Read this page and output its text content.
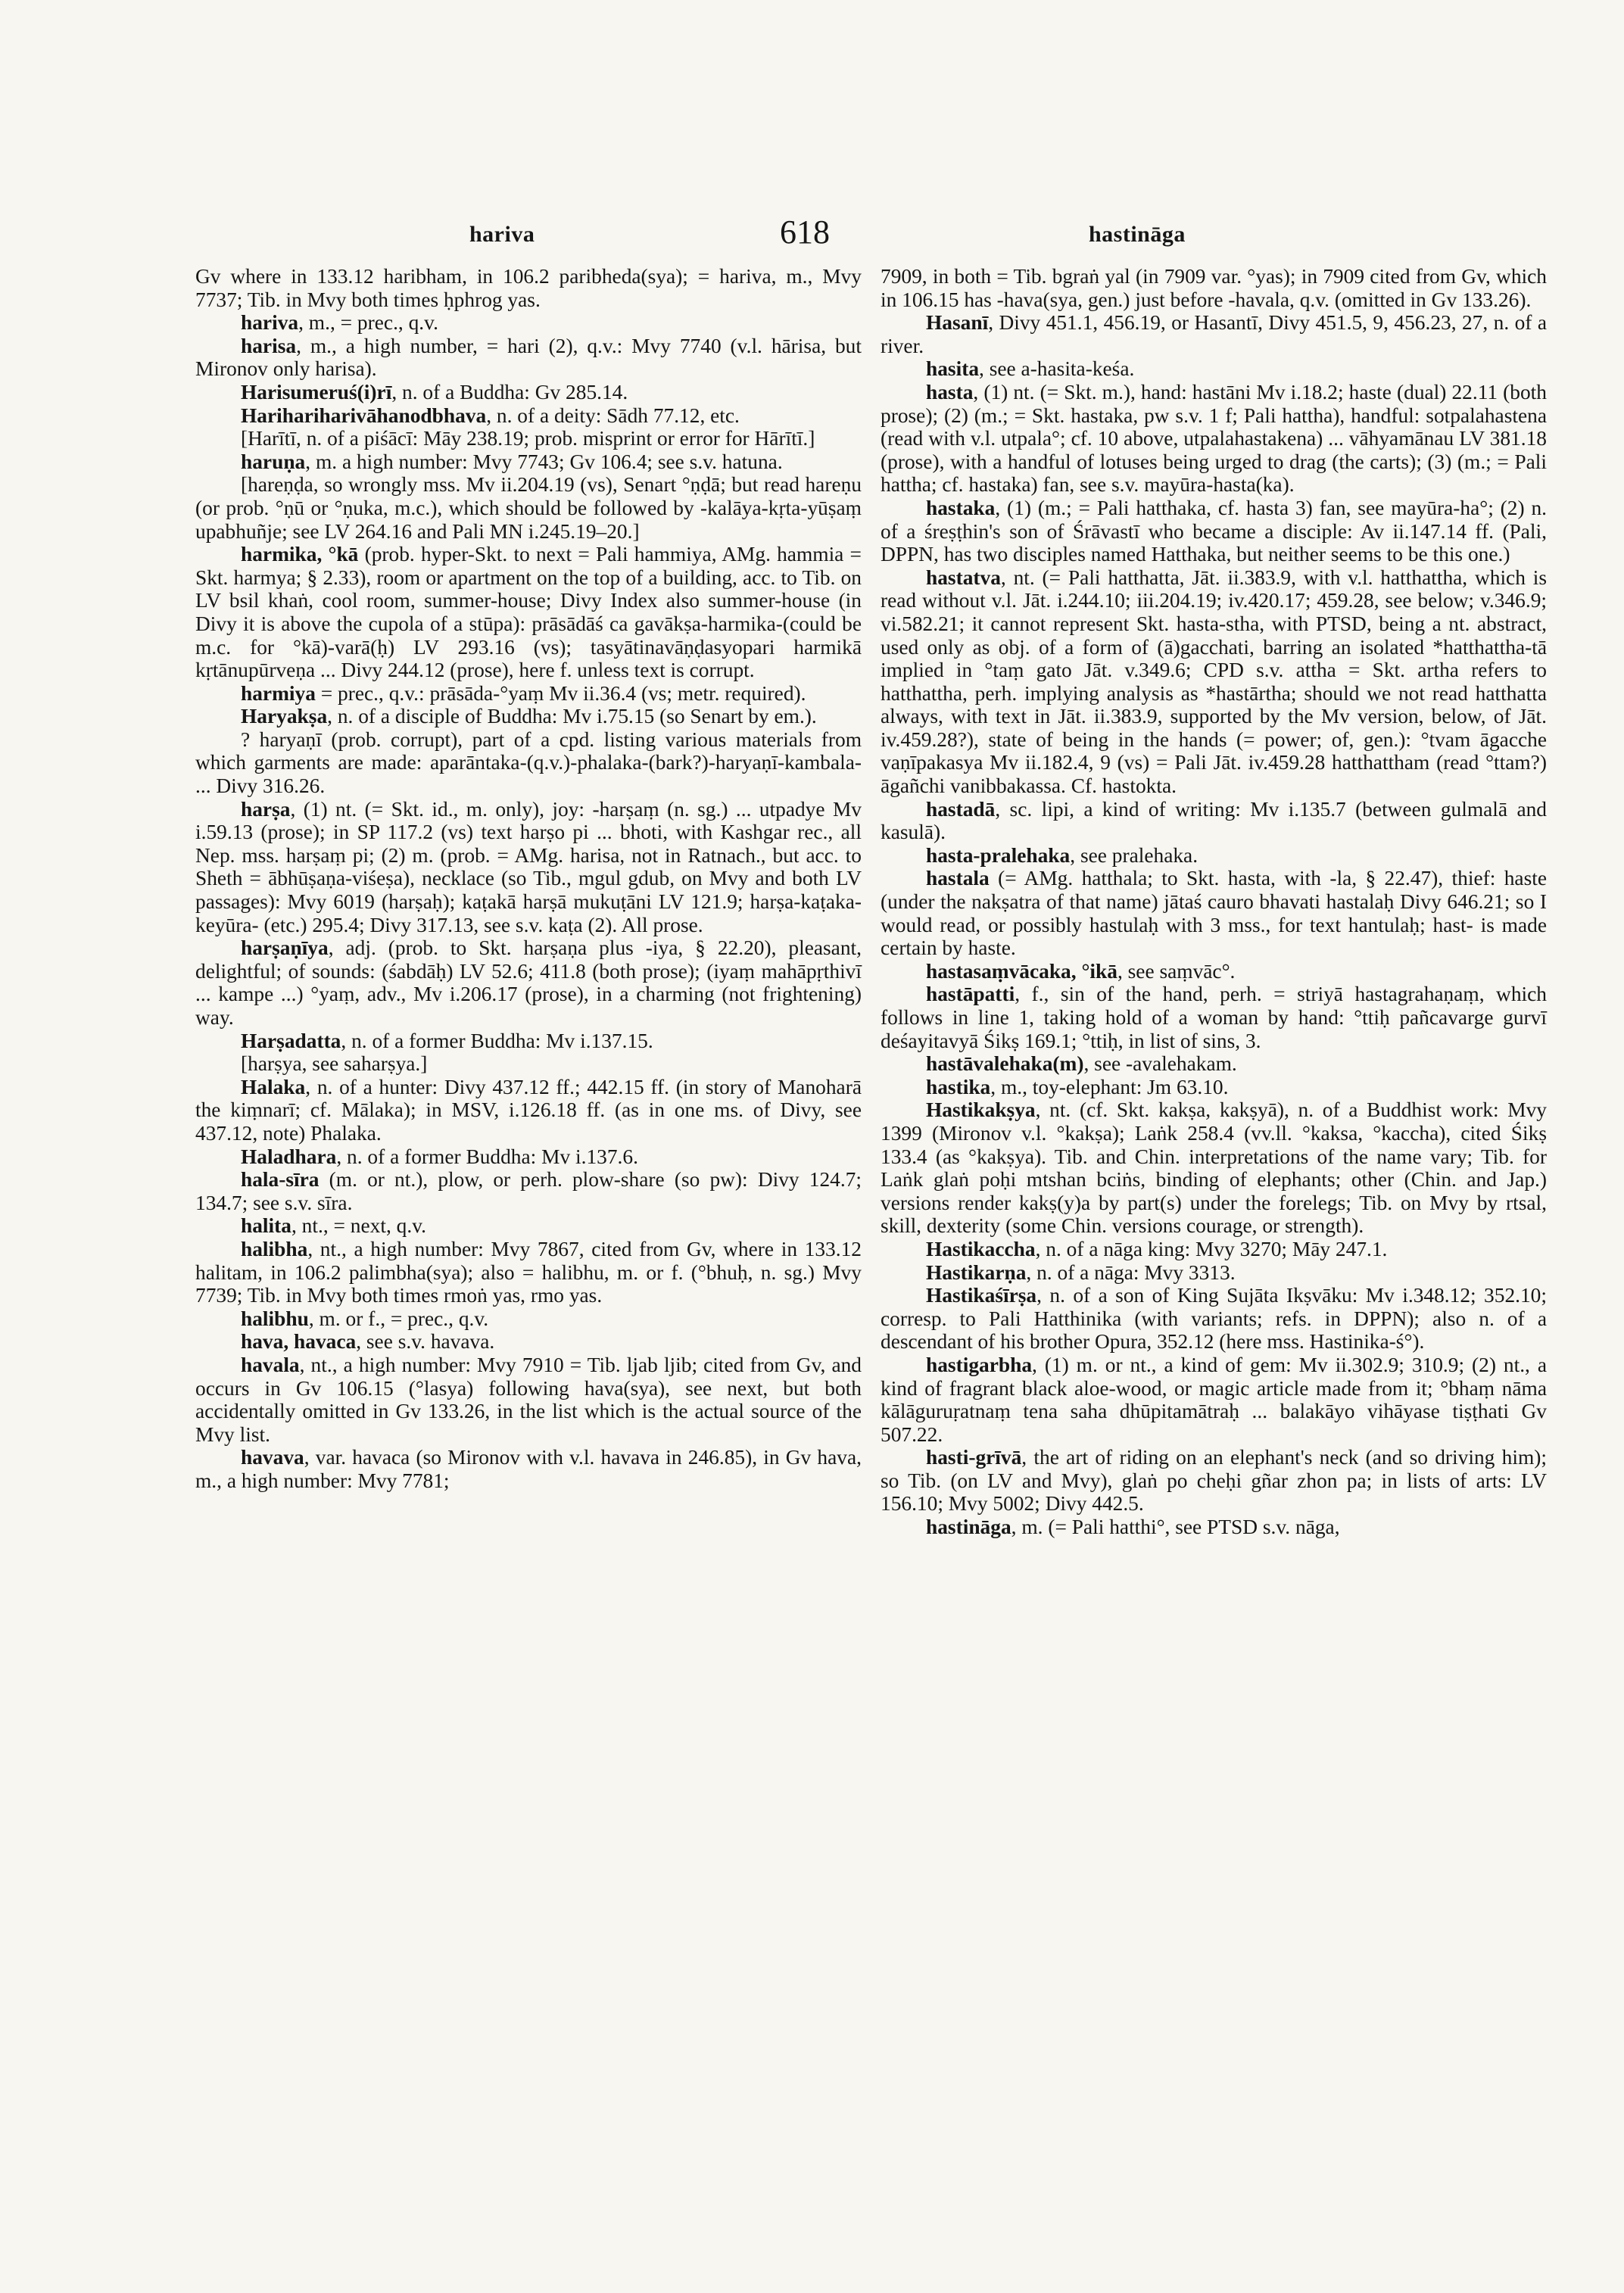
hariva	618	hastināga

Gv where in 133.12 haribham, in 106.2 paribheda(sya); = hariva, m., Mvy 7737; Tib. in Mvy both times ḥphrog yas.

hariva, m., = prec., q.v.

harisa, m., a high number, = hari (2), q.v.: Mvy 7740 (v.l. hārisa, but Mironov only harisa).

Harisumeruś(i)rī, n. of a Buddha: Gv 285.14.

Harihariharivāhanodbhava, n. of a deity: Sādh 77.12, etc.

[Harītī, n. of a piśācī: Māy 238.19; prob. misprint or error for Hārītī.]

haruṇa, m. a high number: Mvy 7743; Gv 106.4; see s.v. hatuna.

[hareṇḍa, so wrongly mss. Mv ii.204.19 (vs), Senart °ṇḍā; but read hareṇu (or prob. °ṇū or °ṇuka, m.c.), which should be followed by -kalāya-kṛta-yūṣaṃ upabhuñje; see LV 264.16 and Pali MN i.245.19–20.]

harmika, °kā (prob. hyper-Skt. to next = Pali hammiya, AMg. hammia = Skt. harmya; § 2.33), room or apartment on the top of a building, acc. to Tib. on LV bsil khaṅ, cool room, summer-house; Divy Index also summer-house (in Divy it is above the cupola of a stūpa): prāsādāś ca gavākṣa-harmika-(could be m.c. for °kā)-varā(ḥ) LV 293.16 (vs); tasyātinavāṇḍasyopari harmikā kṛtānupūrveṇa ... Divy 244.12 (prose), here f. unless text is corrupt.

harmiya = prec., q.v.: prāsāda-°yaṃ Mv ii.36.4 (vs; metr. required).

Haryakṣa, n. of a disciple of Buddha: Mv i.75.15 (so Senart by em.).

? haryaṇī (prob. corrupt), part of a cpd. listing various materials from which garments are made: aparāntaka-(q.v.)-phalaka-(bark?)-haryaṇī-kambala- ... Divy 316.26.

harṣa, (1) nt. (= Skt. id., m. only), joy: -harṣaṃ (n. sg.) ... utpadye Mv i.59.13 (prose); in SP 117.2 (vs) text harṣo pi ... bhoti, with Kashgar rec., all Nep. mss. harṣaṃ pi; (2) m. (prob. = AMg. harisa, not in Ratnach., but acc. to Sheth = ābhūṣaṇa-viśeṣa), necklace (so Tib., mgul gdub, on Mvy and both LV passages): Mvy 6019 (harṣaḥ); kaṭakā harṣā mukuṭāni LV 121.9; harṣa-kaṭaka-keyūra- (etc.) 295.4; Divy 317.13, see s.v. kaṭa (2). All prose.

harṣaṇīya, adj. (prob. to Skt. harṣaṇa plus -iya, § 22.20), pleasant, delightful; of sounds: (śabdāḥ) LV 52.6; 411.8 (both prose); (iyaṃ mahāpṛthivī ... kampe ...) °yaṃ, adv., Mv i.206.17 (prose), in a charming (not frightening) way.

Harṣadatta, n. of a former Buddha: Mv i.137.15.

[harṣya, see saharṣya.]

Halaka, n. of a hunter: Divy 437.12 ff.; 442.15 ff. (in story of Manoharā the kiṃnarī; cf. Mālaka); in MSV, i.126.18 ff. (as in one ms. of Divy, see 437.12, note) Phalaka.

Haladhara, n. of a former Buddha: Mv i.137.6.

hala-sīra (m. or nt.), plow, or perh. plow-share (so pw): Divy 124.7; 134.7; see s.v. sīra.

halita, nt., = next, q.v.

halibha, nt., a high number: Mvy 7867, cited from Gv, where in 133.12 halitam, in 106.2 palimbha(sya); also = halibhu, m. or f. (°bhuḥ, n. sg.) Mvy 7739; Tib. in Mvy both times rmoṅ yas, rmo yas.

halibhu, m. or f., = prec., q.v.

hava, havaca, see s.v. havava.

havala, nt., a high number: Mvy 7910 = Tib. ljab ljib; cited from Gv, and occurs in Gv 106.15 (°lasya) following hava(sya), see next, but both accidentally omitted in Gv 133.26, in the list which is the actual source of the Mvy list.

havava, var. havaca (so Mironov with v.l. havava in 246.85), in Gv hava, m., a high number: Mvy 7781;

7909, in both = Tib. bgraṅ yal (in 7909 var. °yas); in 7909 cited from Gv, which in 106.15 has -hava(sya, gen.) just before -havala, q.v. (omitted in Gv 133.26).

Hasanī, Divy 451.1, 456.19, or Hasantī, Divy 451.5, 9, 456.23, 27, n. of a river.

hasita, see a-hasita-keśa.

hasta, (1) nt. (= Skt. m.), hand: hastāni Mv i.18.2; haste (dual) 22.11 (both prose); (2) (m.; = Skt. hastaka, pw s.v. 1 f; Pali hattha), handful: sotpalahastena (read with v.l. utpala°; cf. 10 above, utpalahastakena) ... vāhyamānau LV 381.18 (prose), with a handful of lotuses being urged to drag (the carts); (3) (m.; = Pali hattha; cf. hastaka) fan, see s.v. mayūra-hasta(ka).

hastaka, (1) (m.; = Pali hatthaka, cf. hasta 3) fan, see mayūra-ha°; (2) n. of a śreṣṭhin's son of Śrāvastī who became a disciple: Av ii.147.14 ff. (Pali, DPPN, has two disciples named Hatthaka, but neither seems to be this one.)

hastatva, nt. (= Pali hatthatta, Jāt. ii.383.9, with v.l. hatthattha, which is read without v.l. Jāt. i.244.10; iii.204.19; iv.420.17; 459.28, see below; v.346.9; vi.582.21; it cannot represent Skt. hasta-stha, with PTSD, being a nt. abstract, used only as obj. of a form of (ā)gacchati, barring an isolated *hatthattha-tā implied in °taṃ gato Jāt. v.349.6; CPD s.v. attha = Skt. artha refers to hatthattha, perh. implying analysis as *hastārtha; should we not read hatthatta always, with text in Jāt. ii.383.9, supported by the Mv version, below, of Jāt. iv.459.28?), state of being in the hands (= power; of, gen.): °tvam āgacche vaṇīpakasya Mv ii.182.4, 9 (vs) = Pali Jāt. iv.459.28 hatthattham (read °ttam?) āgañchi vanibbakassa. Cf. hastokta.

hastadā, sc. lipi, a kind of writing: Mv i.135.7 (between gulmalā and kasulā).

hasta-pralehaka, see pralehaka.

hastala (= AMg. hatthala; to Skt. hasta, with -la, § 22.47), thief: haste (under the nakṣatra of that name) jātaś cauro bhavati hastalaḥ Divy 646.21; so I would read, or possibly hastulaḥ with 3 mss., for text hantulaḥ; hast- is made certain by haste.

hastasaṃvācaka, °ikā, see saṃvāc°.

hastāpatti, f., sin of the hand, perh. = striyā hastagrahaṇaṃ, which follows in line 1, taking hold of a woman by hand: °ttiḥ pañcavarge gurvī deśayitavyā Śikṣ 169.1; °ttiḥ, in list of sins, 3.

hastāvalehaka(m), see -avalehakam.

hastika, m., toy-elephant: Jm 63.10.

Hastikakṣya, nt. (cf. Skt. kakṣa, kakṣyā), n. of a Buddhist work: Mvy 1399 (Mironov v.l. °kakṣa); Laṅk 258.4 (vv.ll. °kaksa, °kaccha), cited Śikṣ 133.4 (as °kakṣya). Tib. and Chin. interpretations of the name vary; Tib. for Laṅk glaṅ poḥi mtshan bciṅs, binding of elephants; other (Chin. and Jap.) versions render kakṣ(y)a by part(s) under the forelegs; Tib. on Mvy by rtsal, skill, dexterity (some Chin. versions courage, or strength).

Hastikaccha, n. of a nāga king: Mvy 3270; Māy 247.1.

Hastikarṇa, n. of a nāga: Mvy 3313.

Hastikaśīrṣa, n. of a son of King Sujāta Ikṣvāku: Mv i.348.12; 352.10; corresp. to Pali Hatthinika (with variants; refs. in DPPN); also n. of a descendant of his brother Opura, 352.12 (here mss. Hastinika-ś°).

hastigarbha, (1) m. or nt., a kind of gem: Mv ii.302.9; 310.9; (2) nt., a kind of fragrant black aloe-wood, or magic article made from it; °bhaṃ nāma kālāguruṛatnaṃ tena saha dhūpitamātraḥ ... balakāyo vihāyase tiṣṭhati Gv 507.22.

hasti-grīvā, the art of riding on an elephant's neck (and so driving him); so Tib. (on LV and Mvy), glaṅ po cheḥi gñar zhon pa; in lists of arts: LV 156.10; Mvy 5002; Divy 442.5.

hastināga, m. (= Pali hatthi°, see PTSD s.v. nāga,
